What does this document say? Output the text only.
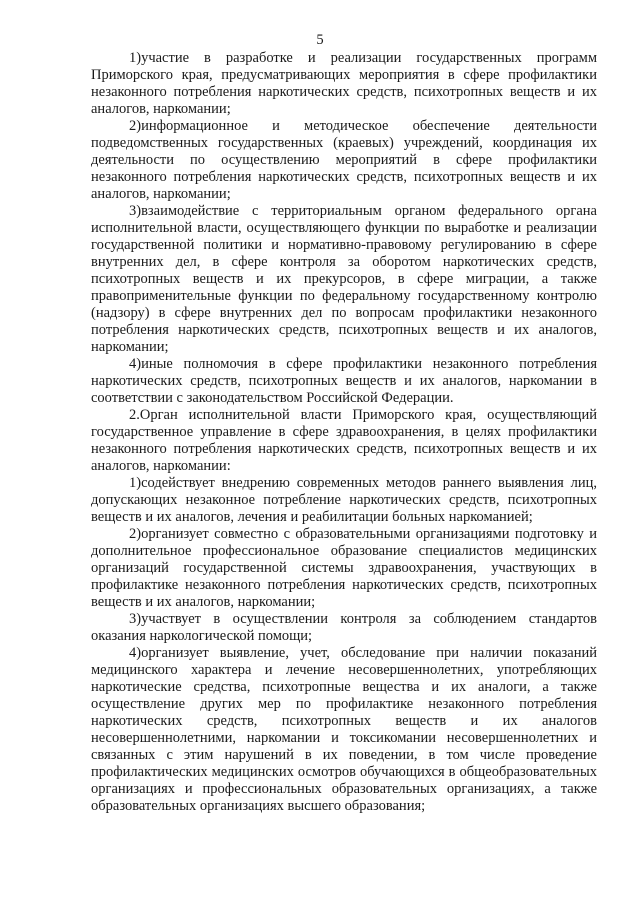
5

1)участие в разработке и реализации государственных программ Приморского края, предусматривающих мероприятия в сфере профилактики незаконного потребления наркотических средств, психотропных веществ и их аналогов, наркомании;

2)информационное и методическое обеспечение деятельности подведомственных государственных (краевых) учреждений, координация их деятельности по осуществлению мероприятий в сфере профилактики незаконного потребления наркотических средств, психотропных веществ и их аналогов, наркомании;

3)взаимодействие с территориальным органом федерального органа исполнительной власти, осуществляющего функции по выработке и реализации государственной политики и нормативно-правовому регулированию в сфере внутренних дел, в сфере контроля за оборотом наркотических средств, психотропных веществ и их прекурсоров, в сфере миграции, а также правоприменительные функции по федеральному государственному контролю (надзору) в сфере внутренних дел по вопросам профилактики незаконного потребления наркотических средств, психотропных веществ и их аналогов, наркомании;

4)иные полномочия в сфере профилактики незаконного потребления наркотических средств, психотропных веществ и их аналогов, наркомании в соответствии с законодательством Российской Федерации.

2.Орган исполнительной власти Приморского края, осуществляющий государственное управление в сфере здравоохранения, в целях профилактики незаконного потребления наркотических средств, психотропных веществ и их аналогов, наркомании:

1)содействует внедрению современных методов раннего выявления лиц, допускающих незаконное потребление наркотических средств, психотропных веществ и их аналогов, лечения и реабилитации больных наркоманией;

2)организует совместно с образовательными организациями подготовку и дополнительное профессиональное образование специалистов медицинских организаций государственной системы здравоохранения, участвующих в профилактике незаконного потребления наркотических средств, психотропных веществ и их аналогов, наркомании;

3)участвует в осуществлении контроля за соблюдением стандартов оказания наркологической помощи;

4)организует выявление, учет, обследование при наличии показаний медицинского характера и лечение несовершеннолетних, употребляющих наркотические средства, психотропные вещества и их аналоги, а также осуществление других мер по профилактике незаконного потребления наркотических средств, психотропных веществ и их аналогов несовершеннолетними, наркомании и токсикомании несовершеннолетних и связанных с этим нарушений в их поведении, в том числе проведение профилактических медицинских осмотров обучающихся в общеобразовательных организациях и профессиональных образовательных организациях, а также образовательных организациях высшего образования;
